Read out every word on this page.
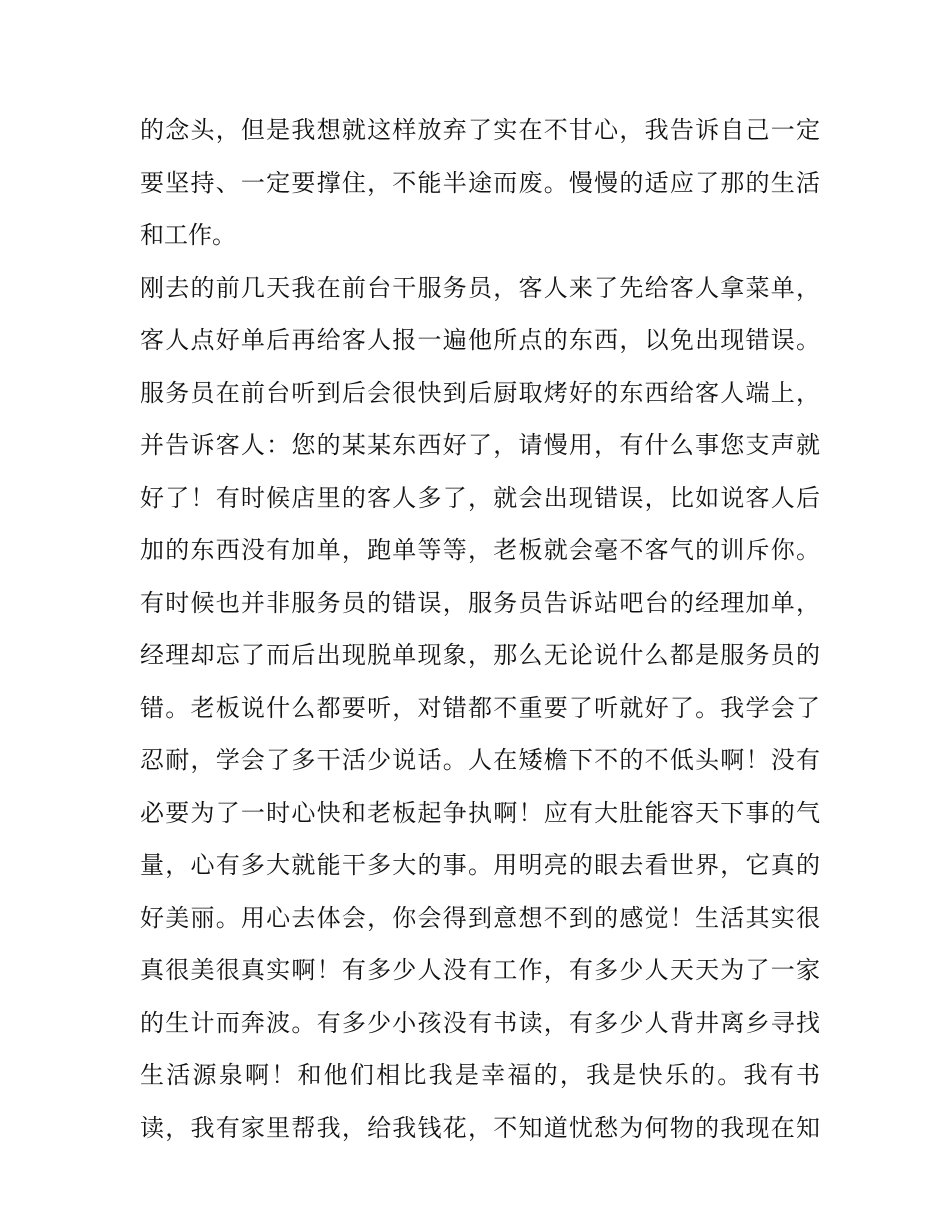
的念头，但是我想就这样放弃了实在不甘心，我告诉自己一定
要坚持、一定要撑住，不能半途而废。慢慢的适应了那的生活
和工作。
刚去的前几天我在前台干服务员，客人来了先给客人拿菜单，
客人点好单后再给客人报一遍他所点的东西，以免出现错误。
服务员在前台听到后会很快到后厨取烤好的东西给客人端上，
并告诉客人：您的某某东西好了，请慢用，有什么事您支声就
好了！有时候店里的客人多了，就会出现错误，比如说客人后
加的东西没有加单，跑单等等，老板就会毫不客气的训斥你。
有时候也并非服务员的错误，服务员告诉站吧台的经理加单，
经理却忘了而后出现脱单现象，那么无论说什么都是服务员的
错。老板说什么都要听，对错都不重要了听就好了。我学会了
忍耐，学会了多干活少说话。人在矮檐下不的不低头啊！没有
必要为了一时心快和老板起争执啊！应有大肚能容天下事的气
量，心有多大就能干多大的事。用明亮的眼去看世界，它真的
好美丽。用心去体会，你会得到意想不到的感觉！生活其实很
真很美很真实啊！有多少人没有工作，有多少人天天为了一家
的生计而奔波。有多少小孩没有书读，有多少人背井离乡寻找
生活源泉啊！和他们相比我是幸福的，我是快乐的。我有书
读，我有家里帮我，给我钱花，不知道忧愁为何物的我现在知
